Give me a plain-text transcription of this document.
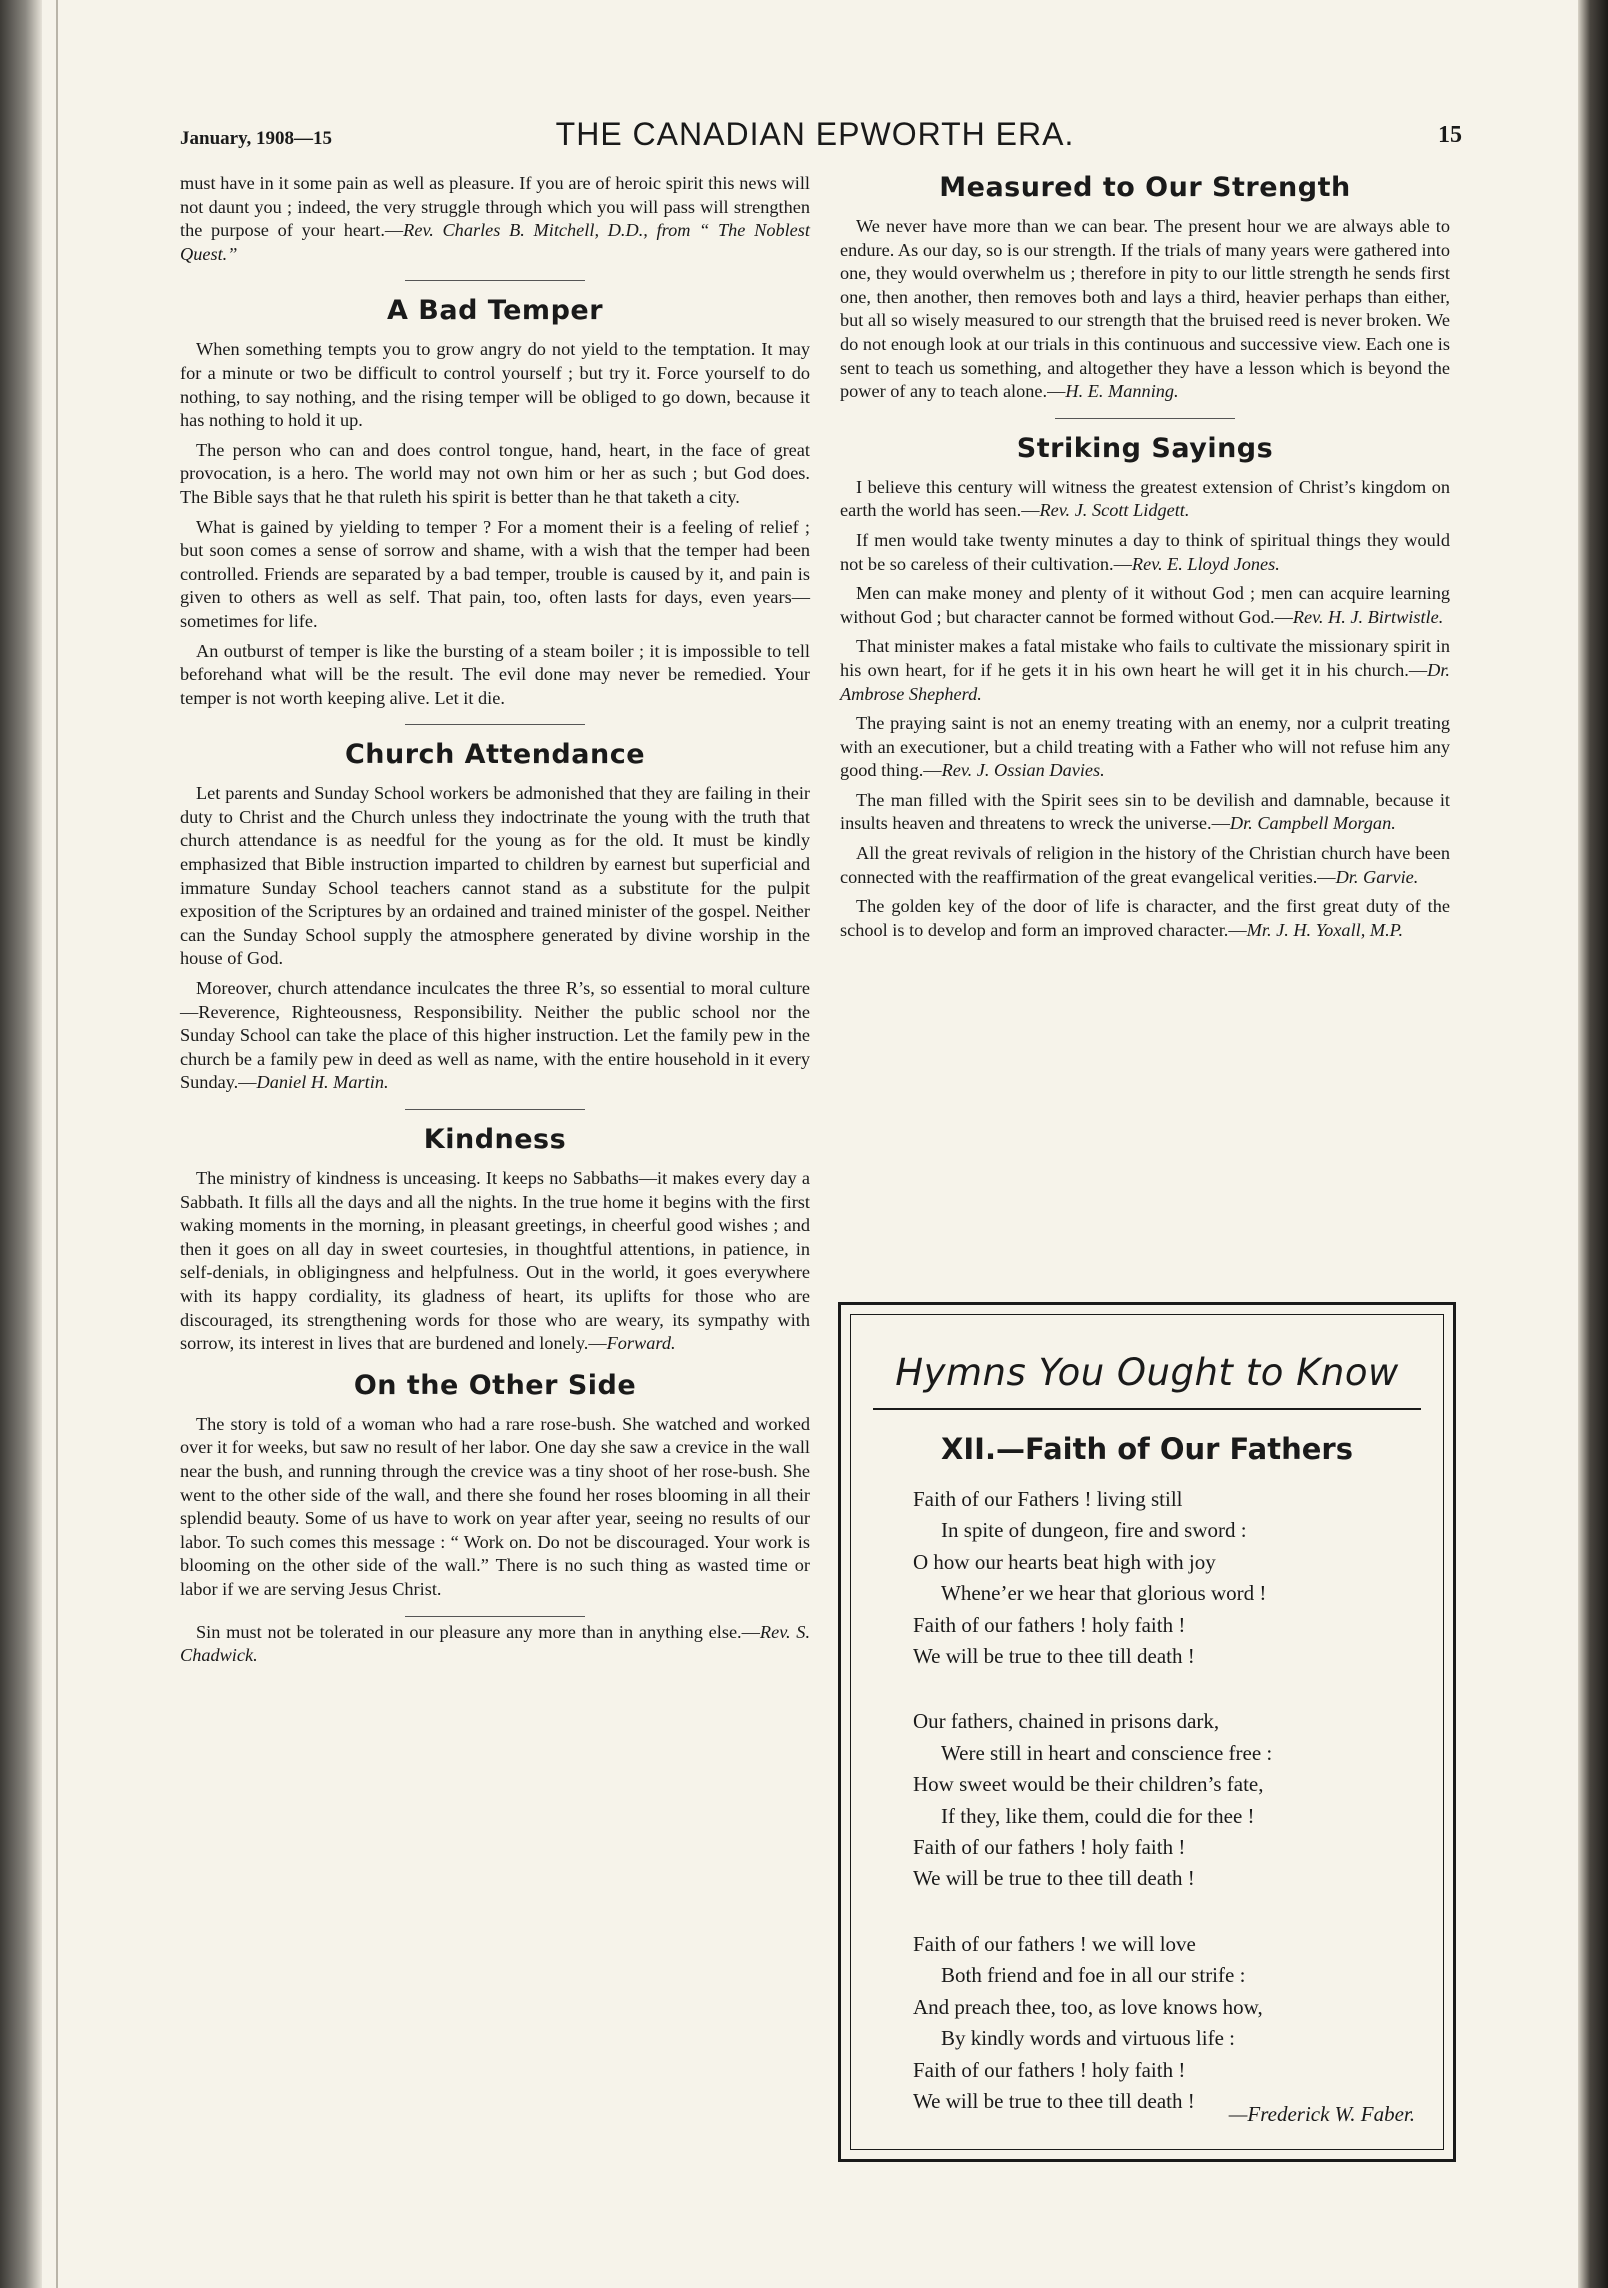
January, 1908—15	THE CANADIAN EPWORTH ERA.	15

must have in it some pain as well as pleasure. If you are of heroic spirit this news will not daunt you ; indeed, the very struggle through which you will pass will strengthen the purpose of your heart.—Rev. Charles B. Mitchell, D.D., from “ The Noblest Quest.”

A Bad Temper

When something tempts you to grow angry do not yield to the temptation. It may for a minute or two be difficult to control yourself ; but try it. Force yourself to do nothing, to say nothing, and the rising temper will be obliged to go down, because it has nothing to hold it up.

The person who can and does control tongue, hand, heart, in the face of great provocation, is a hero. The world may not own him or her as such ; but God does. The Bible says that he that ruleth his spirit is better than he that taketh a city.

What is gained by yielding to temper ? For a moment their is a feeling of relief ; but soon comes a sense of sorrow and shame, with a wish that the temper had been controlled. Friends are separated by a bad temper, trouble is caused by it, and pain is given to others as well as self. That pain, too, often lasts for days, even years—sometimes for life.

An outburst of temper is like the bursting of a steam boiler ; it is impossible to tell beforehand what will be the result. The evil done may never be remedied. Your temper is not worth keeping alive. Let it die.

Church Attendance

Let parents and Sunday School workers be admonished that they are failing in their duty to Christ and the Church unless they indoctrinate the young with the truth that church attendance is as needful for the young as for the old. It must be kindly emphasized that Bible instruction imparted to children by earnest but superficial and immature Sunday School teachers cannot stand as a substitute for the pulpit exposition of the Scriptures by an ordained and trained minister of the gospel. Neither can the Sunday School supply the atmosphere generated by divine worship in the house of God.

Moreover, church attendance inculcates the three R’s, so essential to moral culture—Reverence, Righteousness, Responsibility. Neither the public school nor the Sunday School can take the place of this higher instruction. Let the family pew in the church be a family pew in deed as well as name, with the entire household in it every Sunday.—Daniel H. Martin.

Kindness

The ministry of kindness is unceasing. It keeps no Sabbaths—it makes every day a Sabbath. It fills all the days and all the nights. In the true home it begins with the first waking moments in the morning, in pleasant greetings, in cheerful good wishes ; and then it goes on all day in sweet courtesies, in thoughtful attentions, in patience, in self-denials, in obligingness and helpfulness. Out in the world, it goes everywhere with its happy cordiality, its gladness of heart, its uplifts for those who are discouraged, its strengthening words for those who are weary, its sympathy with sorrow, its interest in lives that are burdened and lonely.—Forward.

On the Other Side

The story is told of a woman who had a rare rose-bush. She watched and worked over it for weeks, but saw no result of her labor. One day she saw a crevice in the wall near the bush, and running through the crevice was a tiny shoot of her rose-bush. She went to the other side of the wall, and there she found her roses blooming in all their splendid beauty. Some of us have to work on year after year, seeing no results of our labor. To such comes this message : “ Work on. Do not be discouraged. Your work is blooming on the other side of the wall.” There is no such thing as wasted time or labor if we are serving Jesus Christ.

Sin must not be tolerated in our pleasure any more than in anything else.—Rev. S. Chadwick.

Measured to Our Strength

We never have more than we can bear. The present hour we are always able to endure. As our day, so is our strength. If the trials of many years were gathered into one, they would overwhelm us ; therefore in pity to our little strength he sends first one, then another, then removes both and lays a third, heavier perhaps than either, but all so wisely measured to our strength that the bruised reed is never broken. We do not enough look at our trials in this continuous and successive view. Each one is sent to teach us something, and altogether they have a lesson which is beyond the power of any to teach alone.—H. E. Manning.

Striking Sayings

I believe this century will witness the greatest extension of Christ’s kingdom on earth the world has seen.—Rev. J. Scott Lidgett.

If men would take twenty minutes a day to think of spiritual things they would not be so careless of their cultivation.—Rev. E. Lloyd Jones.

Men can make money and plenty of it without God ; men can acquire learning without God ; but character cannot be formed without God.—Rev. H. J. Birtwistle.

That minister makes a fatal mistake who fails to cultivate the missionary spirit in his own heart, for if he gets it in his own heart he will get it in his church.—Dr. Ambrose Shepherd.

The praying saint is not an enemy treating with an enemy, nor a culprit treating with an executioner, but a child treating with a Father who will not refuse him any good thing.—Rev. J. Ossian Davies.

The man filled with the Spirit sees sin to be devilish and damnable, because it insults heaven and threatens to wreck the universe.—Dr. Campbell Morgan.

All the great revivals of religion in the history of the Christian church have been connected with the reaffirmation of the great evangelical verities.—Dr. Garvie.

The golden key of the door of life is character, and the first great duty of the school is to develop and form an improved character.—Mr. J. H. Yoxall, M.P.

Hymns You Ought to Know
XII.—Faith of Our Fathers
Faith of our Fathers ! living still
In spite of dungeon, fire and sword :
O how our hearts beat high with joy
Whene’er we hear that glorious word !
Faith of our fathers ! holy faith !
We will be true to thee till death !
Our fathers, chained in prisons dark,
Were still in heart and conscience free :
How sweet would be their children’s fate,
If they, like them, could die for thee !
Faith of our fathers ! holy faith !
We will be true to thee till death !
Faith of our fathers ! we will love
Both friend and foe in all our strife :
And preach thee, too, as love knows how,
By kindly words and virtuous life :
Faith of our fathers ! holy faith !
We will be true to thee till death !
—Frederick W. Faber.
